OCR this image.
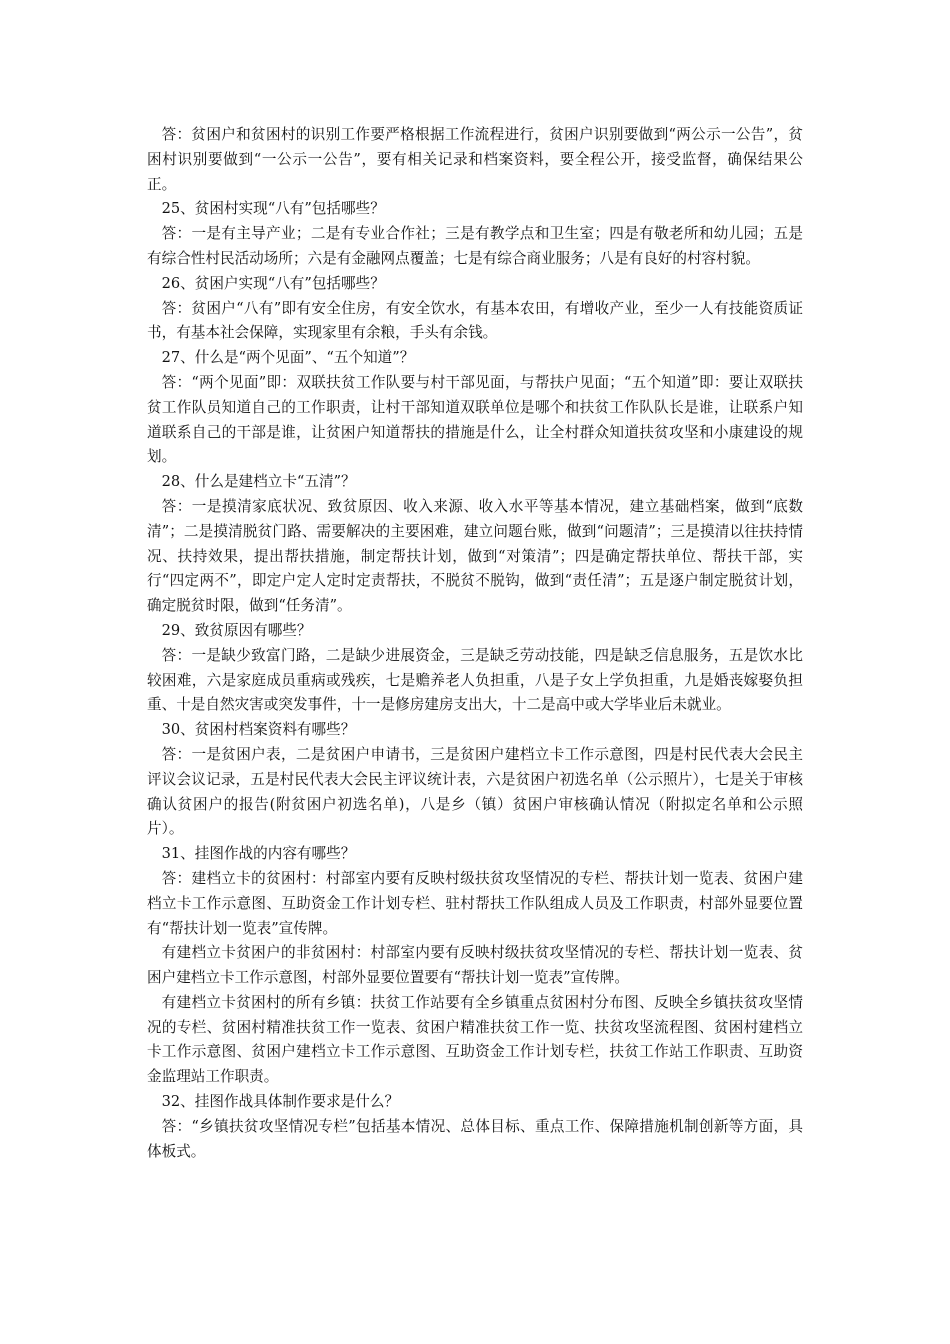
答：贫困户和贫困村的识别工作要严格根据工作流程进行，贫困户识别要做到“两公示一公告”，贫困村识别要做到“一公示一公告”，要有相关记录和档案资料，要全程公开，接受监督，确保结果公正。

25、贫困村实现“八有”包括哪些？

答：一是有主导产业；二是有专业合作社；三是有教学点和卫生室；四是有敬老所和幼儿园；五是有综合性村民活动场所；六是有金融网点覆盖；七是有综合商业服务；八是有良好的村容村貌。

26、贫困户实现“八有”包括哪些？

答：贫困户“八有”即有安全住房，有安全饮水，有基本农田，有增收产业，至少一人有技能资质证书，有基本社会保障，实现家里有余粮，手头有余钱。

27、什么是“两个见面”、“五个知道”？

答：“两个见面”即：双联扶贫工作队要与村干部见面，与帮扶户见面；“五个知道”即：要让双联扶贫工作队员知道自己的工作职责，让村干部知道双联单位是哪个和扶贫工作队队长是谁，让联系户知道联系自己的干部是谁，让贫困户知道帮扶的措施是什么，让全村群众知道扶贫攻坚和小康建设的规划。

28、什么是建档立卡“五清”？

答：一是摸清家底状况、致贫原因、收入来源、收入水平等基本情况，建立基础档案，做到“底数清”；二是摸清脱贫门路、需要解决的主要困难，建立问题台账，做到“问题清”；三是摸清以往扶持情况、扶持效果，提出帮扶措施，制定帮扶计划，做到“对策清”；四是确定帮扶单位、帮扶干部，实行“四定两不”，即定户定人定时定责帮扶，不脱贫不脱钩，做到“责任清”；五是逐户制定脱贫计划，确定脱贫时限，做到“任务清”。

29、致贫原因有哪些？

答：一是缺少致富门路，二是缺少进展资金，三是缺乏劳动技能，四是缺乏信息服务，五是饮水比较困难，六是家庭成员重病或残疾，七是赡养老人负担重，八是子女上学负担重，九是婚丧嫁娶负担重、十是自然灾害或突发事件，十一是修房建房支出大，十二是高中或大学毕业后未就业。

30、贫困村档案资料有哪些？

答：一是贫困户表，二是贫困户申请书，三是贫困户建档立卡工作示意图，四是村民代表大会民主评议会议记录，五是村民代表大会民主评议统计表，六是贫困户初选名单（公示照片），七是关于审核确认贫困户的报告(附贫困户初选名单)，八是乡（镇）贫困户审核确认情况（附拟定名单和公示照片）。

31、挂图作战的内容有哪些？

答：建档立卡的贫困村：村部室内要有反映村级扶贫攻坚情况的专栏、帮扶计划一览表、贫困户建档立卡工作示意图、互助资金工作计划专栏、驻村帮扶工作队组成人员及工作职责，村部外显要位置有“帮扶计划一览表”宣传牌。

有建档立卡贫困户的非贫困村：村部室内要有反映村级扶贫攻坚情况的专栏、帮扶计划一览表、贫困户建档立卡工作示意图，村部外显要位置要有“帮扶计划一览表”宣传牌。

有建档立卡贫困村的所有乡镇：扶贫工作站要有全乡镇重点贫困村分布图、反映全乡镇扶贫攻坚情况的专栏、贫困村精准扶贫工作一览表、贫困户精准扶贫工作一览、扶贫攻坚流程图、贫困村建档立卡工作示意图、贫困户建档立卡工作示意图、互助资金工作计划专栏，扶贫工作站工作职责、互助资金监理站工作职责。

32、挂图作战具体制作要求是什么？

答：“乡镇扶贫攻坚情况专栏”包括基本情况、总体目标、重点工作、保障措施机制创新等方面，具体板式。
